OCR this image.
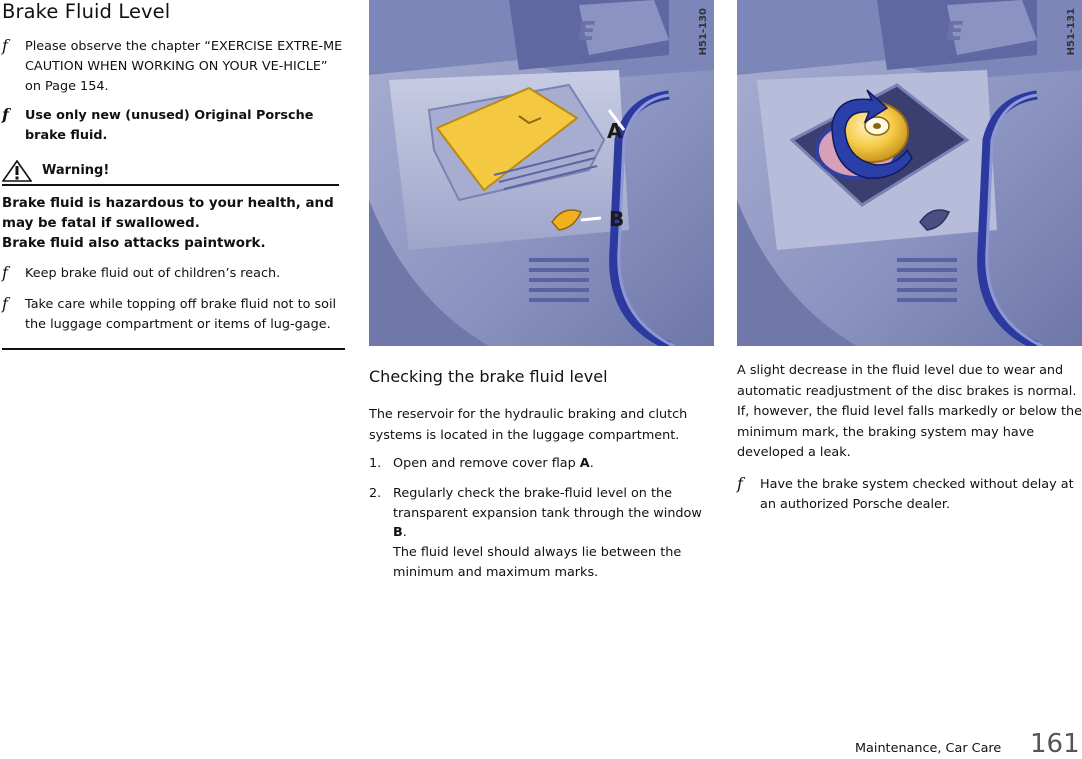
Brake Fluid Level
f Please observe the chapter “EXERCISE EXTRE-ME CAUTION WHEN WORKING ON YOUR VE-HICLE” on Page 154.
f Use only new (unused) Original Porsche brake fluid.
Warning!
Brake fluid is hazardous to your health, and may be fatal if swallowed.
Brake fluid also attacks paintwork.
f Keep brake fluid out of children’s reach.
f Take care while topping off brake fluid not to soil the luggage compartment or items of lug-gage.
E
A
B
H51-130
Checking the brake fluid level
The reservoir for the hydraulic braking and clutch systems is located in the luggage compartment.
1. Open and remove cover flap A.
2. Regularly check the brake-fluid level on the transparent expansion tank through the window B.
The fluid level should always lie between the minimum and maximum marks.
E	H51-131
A slight decrease in the fluid level due to wear and automatic readjustment of the disc brakes is normal.
If, however, the fluid level falls markedly or below the minimum mark, the braking system may have developed a leak.
f Have the brake system checked without delay at an authorized Porsche dealer.
Maintenance, Car Care 161
